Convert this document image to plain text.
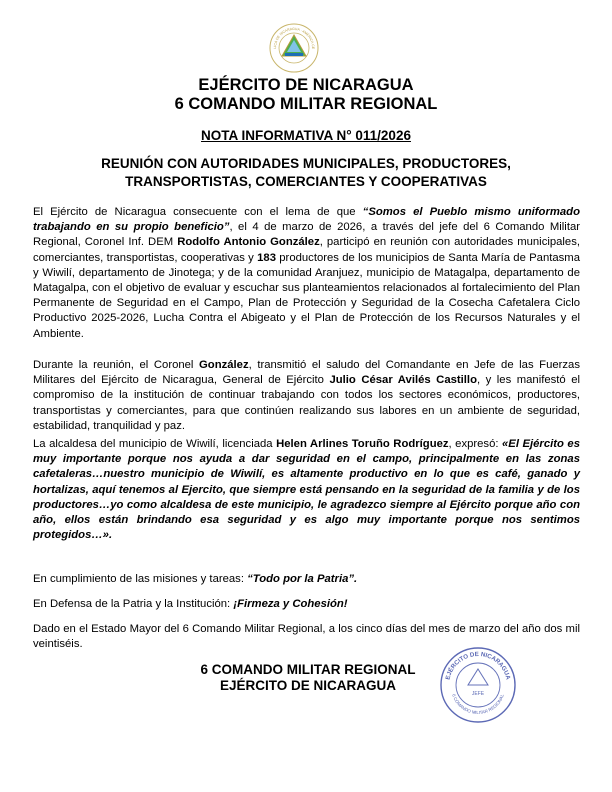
LICA DE NICARAGUA · AMÉRICA CE
EJÉRCITO DE NICARAGUA
6 COMANDO MILITAR REGIONAL
NOTA INFORMATIVA N° 011/2026
REUNIÓN CON AUTORIDADES MUNICIPALES, PRODUCTORES,
TRANSPORTISTAS, COMERCIANTES Y COOPERATIVAS

El Ejército de Nicaragua consecuente con el lema de que “Somos el Pueblo mismo uniformado trabajando en su propio beneficio”, el 4 de marzo de 2026, a través del jefe del 6 Comando Militar Regional, Coronel Inf. DEM Rodolfo Antonio González, participó en reunión con autoridades municipales, comerciantes, transportistas, cooperativas y 183 productores de los municipios de Santa María de Pantasma y Wiwilí, departamento de Jinotega; y de la comunidad Aranjuez, municipio de Matagalpa, departamento de Matagalpa, con el objetivo de evaluar y escuchar sus planteamientos relacionados al fortalecimiento del Plan Permanente de Seguridad en el Campo, Plan de Protección y Seguridad de la Cosecha Cafetalera Ciclo Productivo 2025-2026, Lucha Contra el Abigeato y el Plan de Protección de los Recursos Naturales y el Ambiente.

Durante la reunión, el Coronel González, transmitió el saludo del Comandante en Jefe de las Fuerzas Militares del Ejército de Nicaragua, General de Ejército Julio César Avilés Castillo, y les manifestó el compromiso de la institución de continuar trabajando con todos los sectores económicos, productores, transportistas y comerciantes, para que continúen realizando sus labores en un ambiente de seguridad, estabilidad, tranquilidad y paz.

La alcaldesa del municipio de Wiwilí, licenciada Helen Arlines Toruño Rodríguez, expresó: «El Ejército es muy importante porque nos ayuda a dar seguridad en el campo, principalmente en las zonas cafetaleras…nuestro municipio de Wiwilí, es altamente productivo en lo que es café, ganado y hortalizas, aquí tenemos al Ejercito, que siempre está pensando en la seguridad de la familia y de los productores…yo como alcaldesa de este municipio, le agradezco siempre al Ejército porque año con año, ellos están brindando esa seguridad y es algo muy importante porque nos sentimos protegidos…».

En cumplimiento de las misiones y tareas: “Todo por la Patria”.

En Defensa de la Patria y la Institución: ¡Firmeza y Cohesión!

Dado en el Estado Mayor del 6 Comando Militar Regional, a los cinco días del mes de marzo del año dos mil veintiséis.

6 COMANDO MILITAR REGIONAL
EJÉRCITO DE NICARAGUA
EJÉRCITO DE NICARAGUA
6 COMANDO MILITAR REGIONAL
JEFE
